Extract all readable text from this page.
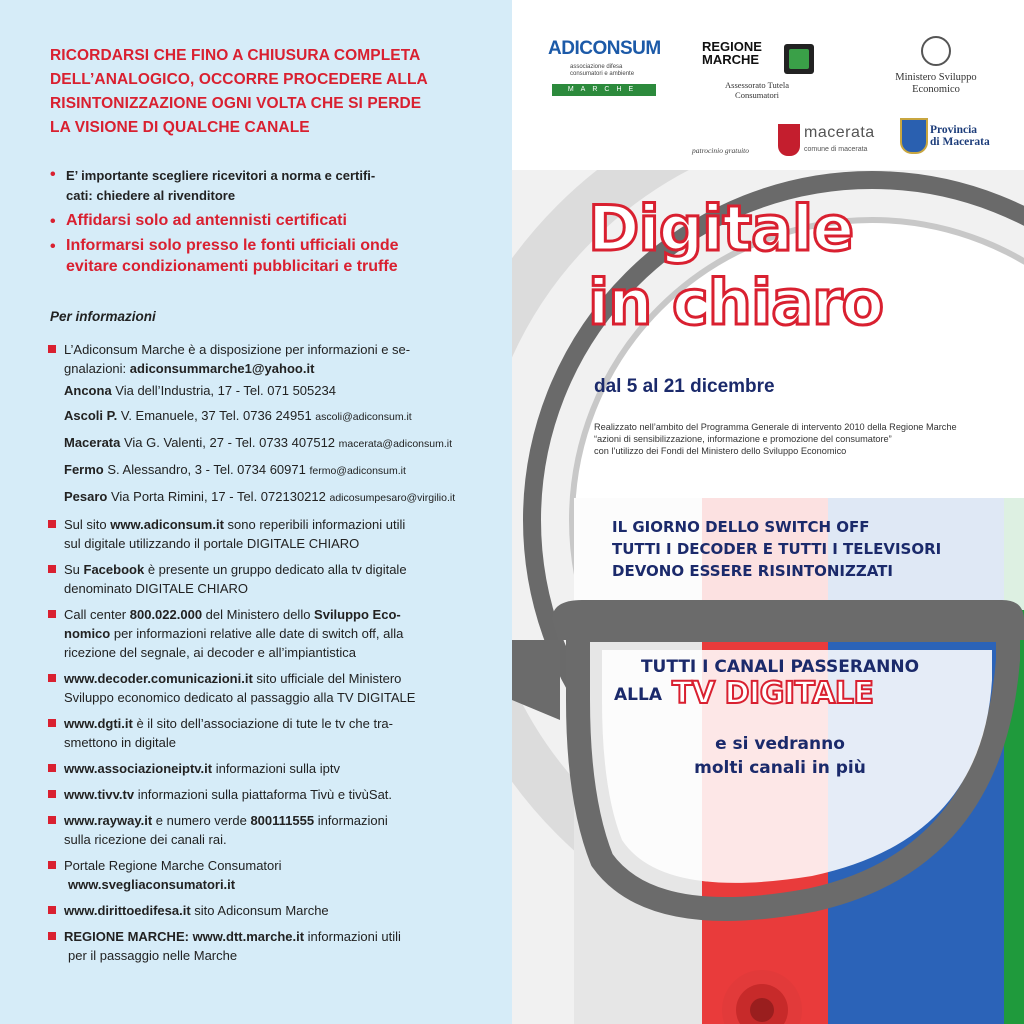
RICORDARSI CHE FINO A CHIUSURA COMPLETA
DELL’ANALOGICO, OCCORRE PROCEDERE ALLA
RISINTONIZZAZIONE OGNI VOLTA CHE SI PERDE
LA VISIONE DI QUALCHE CANALE
• E’ importante scegliere ricevitori a norma e certifi-
cati: chiedere al rivenditore
• Affidarsi solo ad antennisti certificati
• Informarsi solo presso le fonti ufficiali onde
evitare condizionamenti pubblicitari e truffe
Per informazioni
L’Adiconsum Marche è a disposizione per informazioni e se-
gnalazioni: adiconsummarche1@yahoo.it
Ancona Via dell’Industria, 17 - Tel. 071 505234
Ascoli P. V. Emanuele, 37 Tel. 0736 24951 ascoli@adiconsum.it
Macerata Via G. Valenti, 27 - Tel. 0733 407512 macerata@adiconsum.it
Fermo S. Alessandro, 3 - Tel. 0734 60971 fermo@adiconsum.it
Pesaro Via Porta Rimini, 17 - Tel. 072130212 adicosumpesaro@virgilio.it
Sul sito www.adiconsum.it sono reperibili informazioni utili
sul digitale utilizzando il portale DIGITALE CHIARO
Su Facebook è presente un gruppo dedicato alla tv digitale
denominato DIGITALE CHIARO
Call center 800.022.000 del Ministero dello Sviluppo Eco-
nomico per informazioni relative alle date di switch off, alla
ricezione del segnale, ai decoder e all’impiantistica
www.decoder.comunicazioni.it sito ufficiale del Ministero
Sviluppo economico dedicato al passaggio alla TV DIGITALE
www.dgti.it è il sito dell’associazione di tute le tv che tra-
smettono in digitale
www.associazioneiptv.it informazioni sulla iptv
www.tivv.tv informazioni sulla piattaforma Tivù e tivùSat.
www.rayway.it e numero verde 800111555 informazioni
sulla ricezione dei canali rai.
Portale Regione Marche Consumatori
www.svegliaconsumatori.it
www.dirittoedifesa.it sito Adiconsum Marche
REGIONE MARCHE: www.dtt.marche.it informazioni utili
per il passaggio nelle Marche
ADICONSUM
associazione difesa consumatori e ambiente
MARCHE
REGIONE
MARCHE
Assessorato Tutela
Consumatori
Ministero Sviluppo
Economico
patrocinio gratuito
macerata
comune di macerata
Provincia
di Macerata
Digitale
in chiaro
dal 5 al 21 dicembre
Realizzato nell’ambito del Programma Generale di intervento 2010 della Regione Marche
“azioni di sensibilizzazione, informazione e promozione del consumatore”
con l’utilizzo dei Fondi del Ministero dello Sviluppo Economico
IL GIORNO DELLO SWITCH OFF
TUTTI I DECODER E TUTTI I TELEVISORI
DEVONO ESSERE RISINTONIZZATI
TUTTI I CANALI PASSERANNO
ALLA TV DIGITALE
e si vedranno
molti canali in più
